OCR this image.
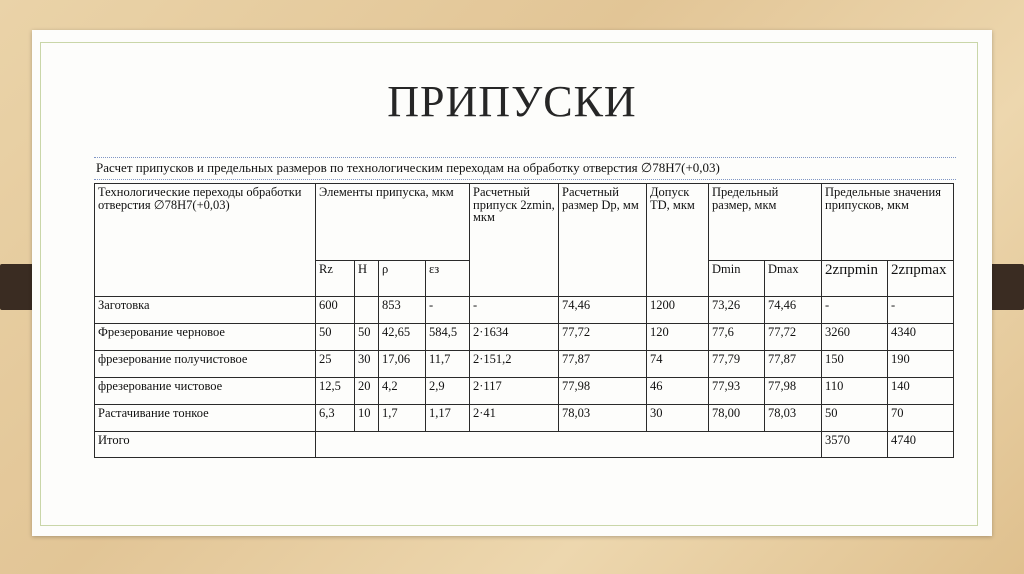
ПРИПУСКИ
Расчет припусков и предельных размеров по технологическим переходам на обработку отверстия ∅78H7(+0,03)
Технологические переходы обработки отверстия ∅78H7(+0,03)	Элементы припуска, мкм				Расчетный припуск 2zmin, мкм	Расчетный размер Dp, мм	Допуск TD, мкм	Предельный размер, мкм		Предельные значения припусков, мкм	
	Rz	H	ρ	εз				Dmin	Dmax	2zпрmin	2zпрmax
Заготовка	600		853	-	-	74,46	1200	73,26	74,46	-	-
Фрезерование черновое	50	50	42,65	584,5	2·1634	77,72	120	77,6	77,72	3260	4340
фрезерование получистовое	25	30	17,06	11,7	2·151,2	77,87	74	77,79	77,87	150	190
фрезерование чистовое	12,5	20	4,2	2,9	2·117	77,98	46	77,93	77,98	110	140
Растачивание тонкое	6,3	10	1,7	1,17	2·41	78,03	30	78,00	78,03	50	70
Итого										3570	4740
